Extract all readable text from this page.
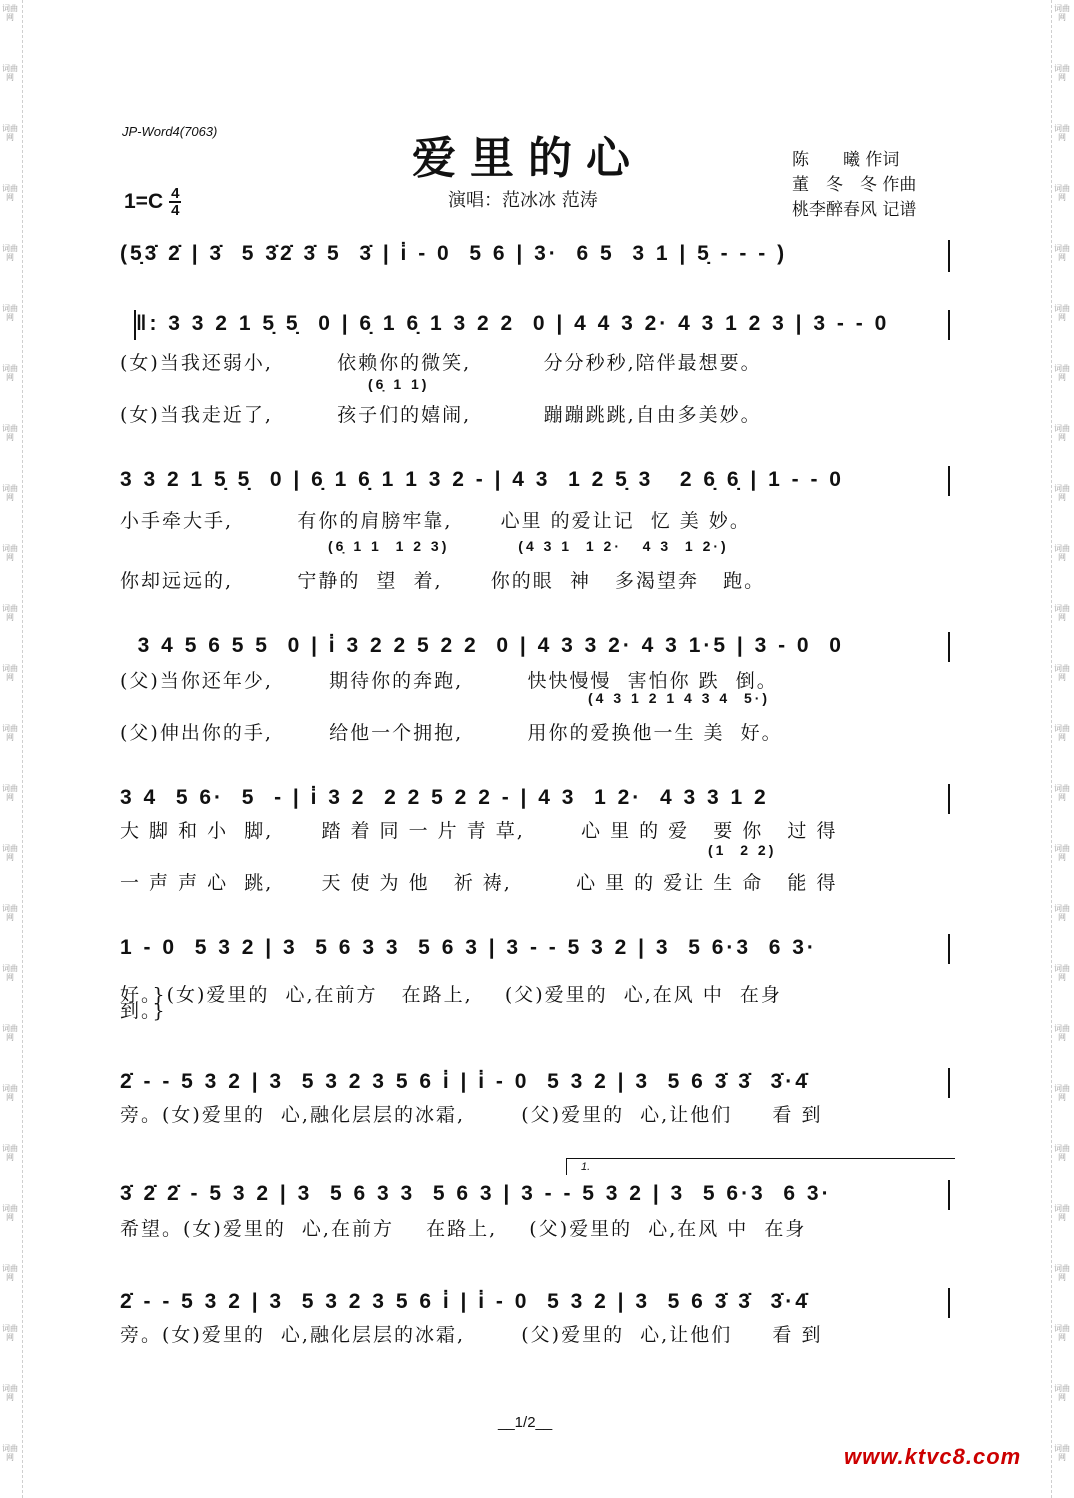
词曲网
词曲网
词曲网
词曲网
词曲网
词曲网
词曲网
词曲网
词曲网
词曲网
词曲网
词曲网
词曲网
词曲网
词曲网
词曲网
词曲网
词曲网
词曲网
词曲网
词曲网
词曲网
词曲网
词曲网
词曲网
词曲网
词曲网
词曲网
词曲网
词曲网
词曲网
词曲网
词曲网
词曲网
词曲网
词曲网
词曲网
词曲网
词曲网
词曲网
词曲网
词曲网
词曲网
词曲网
词曲网
词曲网
词曲网
词曲网
词曲网
词曲网
JP-Word4(7063)
爱里的心	陈　　曦 作词
董　冬　冬 作曲
桃李醉春风 记谱
$1=C \frac{4}{4}$	演唱：范冰冰 范涛
(5̣3̇ 2̇ | 3̇  5 3̇2̇ 3̇ 5  3̇ | i̇ - 0  5 6 | 3·  6 5  3 1 | 5̣ - - - )
‖: 3 3 2 1 5̣ 5̣  0 | 6̣ 1 6̣ 1 3 2 2  0 | 4 4 3 2· 4 3 1 2 3 | 3 - - 0
(女)当我还弱小,        依赖你的微笑,         分分秒秒,陪伴最想要。
(6̣ 1 1)
(女)当我走近了,        孩子们的嬉闹,         蹦蹦跳跳,自由多美妙。
3 3 2 1 5̣ 5̣  0 | 6̣ 1 6̣ 1 1 3 2 - | 4 3  1 2 5̣ 3   2 6̣ 6̣ | 1 - - 0
小手牵大手,        有你的肩膀牢靠,      心里 的爱让记  忆 美 妙。
(6̣ 1 1  1 2 3)          (4 3 1  1 2·   4 3  1 2·)
你却远远的,        宁静的  望  着,      你的眼  神   多渴望奔   跑。
3 4 5 6 5 5  0 | i̇ 3 2 2 5 2 2  0 | 4 3 3 2· 4 3 1·5 | 3 - 0  0
(父)当你还年少,       期待你的奔跑,        快快慢慢  害怕你 跌  倒。
(4 3 1 2 1 4 3 4  5·)
(父)伸出你的手,       给他一个拥抱,        用你的爱换他一生 美  好。
3 4  5 6·  5  - | i̇ 3 2  2 2 5 2 2 - | 4 3  1 2·  4 3 3 1 2
大 脚 和 小  脚,      踏 着 同 一 片 青 草,       心 里 的 爱   要 你   过 得
(1  2 2)
一 声 声 心  跳,      天 使 为 他   祈 祷,        心 里 的 爱让 生 命   能 得
1 - 0  5 3 2 | 3  5 6 3 3  5 6 3 | 3 - - 5 3 2 | 3  5 6·3  6 3·
好。}(女)爱里的  心,在前方   在路上,    (父)爱里的  心,在风 中  在身
到。}
2̇ - - 5 3 2 | 3  5 3 2 3 5 6 i̇ | i̇ - 0  5 3 2 | 3  5 6 3̇ 3̇  3̇·4̇
旁。(女)爱里的  心,融化层层的冰霜,       (父)爱里的  心,让他们     看 到
1.
3̇ 2̇ 2̇ - 5 3 2 | 3  5 6 3 3  5 6 3 | 3 - - 5 3 2 | 3  5 6·3  6 3·
希望。(女)爱里的  心,在前方    在路上,    (父)爱里的  心,在风 中  在身
2̇ - - 5 3 2 | 3  5 3 2 3 5 6 i̇ | i̇ - 0  5 3 2 | 3  5 6 3̇ 3̇  3̇·4̇
旁。(女)爱里的  心,融化层层的冰霜,       (父)爱里的  心,让他们     看 到
__1/2__
www.ktvc8.com
